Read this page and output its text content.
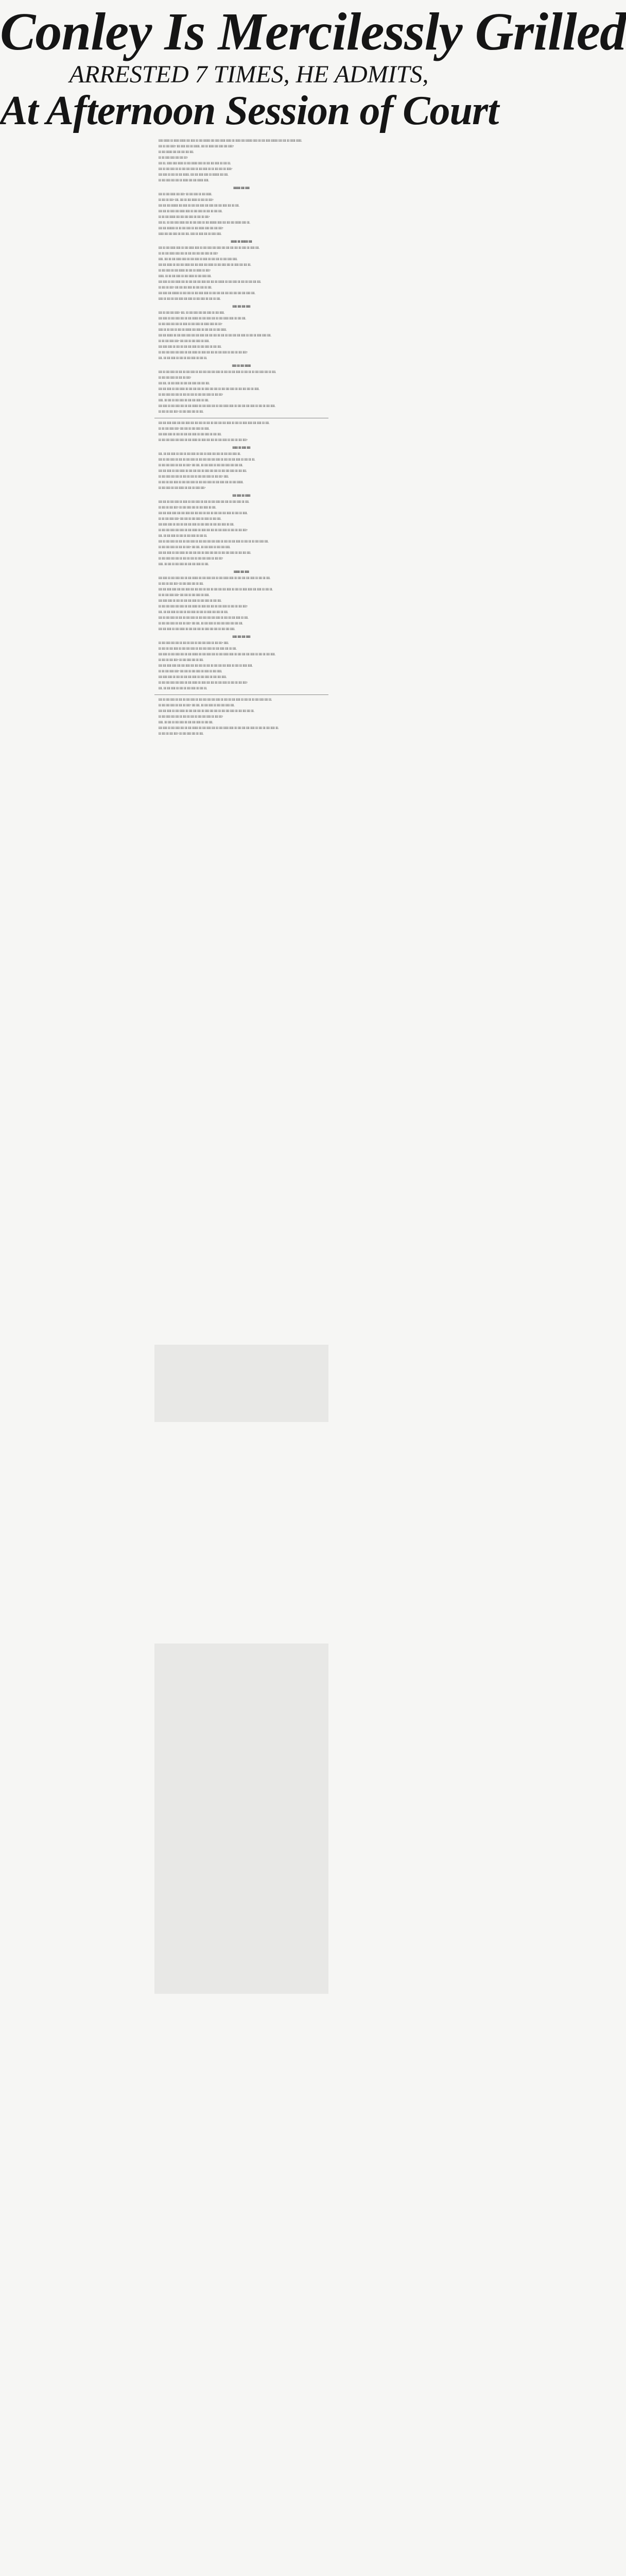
Conley Is Mercilessly Grilled
ARRESTED 7 TIMES, HE ADMITS,
At Afternoon Session of Court

lllll lllllll lll llllll lllllll llll lllll lll llll llllllll llll lllll llllll llllll lll llllll llll llllllll lllll lll llll lllll llllllll llll llll lll llllll llllll.

llll lll llll lllll? llll lllll llll lll lllllll. llll lll llllll llll lllll llll lllll?

lll llll lllllll llll llll llll llll llll.

lll lll lllll lllll llll llll lll?

llll lll. llllll lllll llllll lll llll lllllll lllll lll llll llll lllll lll llll lll.

llll lll llll lllll lll lll llll llll lllll lll llll lllll lll lll llll llll lll lllll?

llll lllll lll llll lll llll lllllll. llll llll lllll lllll lll llllllll llll llll.

lll llll lllll llll llll lll llllll llll llll lllllll lllll.

llllllll llll lllll

llll lll llll llllll llll llll? lll llll lllll lll llll llllll.

lll llll lll llll? llll. llll lll llll llllll lll llll lll llll?

llll llll llll llllllll llll lllll lll llll llll lllll llll lllll llll llll lllll llll lll llll.

llll llll lll lllll llll llllll lllll lll llll lllll lll llll lll llll llll.

lll lll llll lllllll llll llll llll lllll lll llll lll llll?

llll lll. lll llll lllll llllll llll lll llll lllll lll llll llllllll lllll llll llll llll lllllll lllll lll.

llll llll lllllllll lll lll llll lllll lll llll llllll lllll llll llll llll?

llllll llll llll lllll lll llll llll. lllll lll lllll llll lll lllll lllll.

lllllll lll llllllll llll

llll lll llll llllll lllll lll llll llllll lllll lll llll lllll llll lllll llll llll llll llll lll lllll lll lllll llll.

lll lll llll llllll lllll llll lll llll llll llll llll lllll lll llll?

lllll. llll lll llll llllll lllll lll llll lllll lll lllll lll llll llll lll llll lllll lllll.

llll llll llllll lll llll llll llllll llll llll lllll llll llllll lll llll lllll llll lll lllll llll llll lll.

lll llll lllll lll llll lllllll lll llll lll llllll lll llll?

llllll. lll lll llll lllll lll llll llllll lll llll lllll llll.

llll lllll lll llll llllll llll lll llll llll llll lllll llll llll lll lllllll lll llll lllll lll llll lll llll llll llll.

lll llll lll llll? llll llll llll lllll lll llll llll lll llll.

llll lllll llll llllllll lll llll llll lll llll lllll lllll lll llll llll llll llll llll llll llll llll lllll llll.

lllll lll llll lll llll lllll llll lllll lll llll lllll lll llll lll llll.

lllll llll llll lllll

llll lll llll llll lllll? llll. lll llll lllll llll llll lllll lll llll lllll.

llll lllll lll llll lllll llll lll llll lllllll lll llll lllll llll lll llll llllll lllll lll llll llll.

lll llll lllll llll llll lll lllll lll llll lllll lll llllll lllll lll lll?

lllll lll lll llll lll llll lll lllllll llll lllll lll llll llll lll llll llllll.

llll llll lllllll lll llll lllll lllll llll llll lllll llll llll llll lll llll lll llll llll llll lllll lll llll lll lllll lllll llll.

lll lll llll lllll llll? llll llll lll llll lllll lll lllll.

llll lllll lllll lll llll lll llll llll lllll lll llll lllll lll llll llll.

lll llll llll lllll llll lllll lll llll llllll lll lllll llll llll lll llll lllll lll llll lll llll llll?

llll. lll llll lllll lll llll lll llll lllll lll llll lll.

lllll lll llll lllllll

llll lll llll lllll lll llll lll llll lllll lll llll llll llll llll lllll lll llll lll llll lllll lll llll lll lll llll lllll llll lll llll.

lll llll llll lllll lll llll lll llll?

llll llll. lll llll lllll lll llll llll lllll llll llll llll.

llll llll lllll lll llll llllll lll llll llll llll lll lllll llll llll lll llll llll lllll lll llll llll llll lll lllll.

lll llll lllll llll llll lll llll lll llll lll llll llll lllll lll llll lll?

lllll. lll llll lll llll lllll lll llll llll lllll lll llll.

llll lllll lll llll lllll llll lll llll lllllll lll llll lllll llll lll llll llllll lllll lll llll llll llll lllll lll llll lll llll lllll.

lll llll lll llll llll? lll llll lllll llll lll llll.

llll llll lllll lllll llll llll lllll llll llll llll lll llll lll llll llll llll lllll lll llll lll lllll lllll llll lllll lll llll.

lll lll llll lllll llll? llll llll lll llll lllll lll lllll.

llll lllll lllll lll llll lll llll llll lllll lll llll lllll lll llll llll.

lll llll llll lllll llll lllll lll llll llllll lll lllll llll llll lll llll lllll lll llll lll llll llll?

llllll lll lllll llll

llll. lll llll lllll lll llll lll llll lllll lll llll lll lllll llll llll lll llll llll lllll lll.

llll lll llll lllll lll llll lll llll lllll lll llll llll llll llll lllll lll llll lll llll lllll lll llll lll lll.

lll llll llll lllll lll llll lll llll? llll llll. lll llll lllll lll llll llll lllll llll llll llll.

llll llll lllll lll llll llllll lll llll llll llll lll lllll llll llll lll llll llll lllll lll llll llll.

lll llll lllll llll llll lll llll lll llll lll llll llll lllll lll llll lll? lllll.

lll llll lll llll lllll lll llll llll lllll lll llll llll lllll lll llll lllll llll lll llll lllllll.

lll llll lllll lll llll llllll lll llll lll lllll llll?

llll lllll lll llllll

llll llll lll llll lllll lll lllll lll llll lllll lll llll lll llll lllll llll llll lll llll lllll lll llll.

lll llll lll llll llll? lll llll lllll llll lll llll lllll lll llll.

llll llll lllll lllll llll llll lllll llll llll llll lll llll lll llll llll llll lllll lll llll lll lllll.

lll lll llll lllll llll? llll llll lll llll lllll lll lllll lll llll llll.

llll lllll lllll lll llll lll llll llll lllll lll llll lllll lll llll llll lllll lll llll.

lll llll llll lllll llll lllll lll llll llllll lll lllll llll llll lll llll lllll lll llll lll llll llll?

llll. lll llll lllll lll llll lll llll lllll lll llll lll.

llll lll llll lllll lll llll lll llll lllll lll llll llll llll llll lllll lll llll lll llll lllll lll llll lll lll llll lllll llll.

lll llll llll lllll lll llll lll llll? llll llll. lll llll lllll lll llll llll lllll.

llll llll lllll lll llll llllll lll llll llll llll lll lllll llll llll lll llll llll lllll lll llll llll llll.

lll llll lllll llll llll lll llll lll llll lll llll llll lllll lll llll lll?

lllll. lll llll lll llll lllll lll llll llll lllll lll llll.

lllllll llll lllll

llll lllll lll llll lllll llll lll llll lllllll lll llll lllll llll lll llll llllll lllll lll llll llll llll lllll lll llll lll llll.

lll llll lll llll llll? lll llll lllll llll lll llll.

llll llll lllll lllll llll llll lllll llll llll llll lll llll lll llll llll llll lllll lll llll lll lllll lllll llll lllll lll llll lll.

lll lll llll lllll llll? llll llll lll llll lllll lll lllll.

llll lllll lllll lll llll lll llll llll lllll lll llll lllll lll llll llll.

lll llll llll lllll llll lllll lll llll llllll lll lllll llll llll lll llll lllll lll llll lll llll llll?

llll. lll llll lllll lll llll lll llll lllll lll llll lll lllll llll llll lll llll.

llll lll llll lllll lll llll lll llll lllll lll llll llll llll llll lllll lll llll lll llll lllll lll llll.

lll llll llll lllll lll llll lll llll? llll llll. lll llll lllll lll llll llll lllll llll llll llll.

llll llll lllll lll llll llllll lll llll llll llll lll lllll llll llll lll llll llll lllll.

lllll llll llll lllll

lll llll lllll llll llll lll llll lll llll lll llll llll lllll lll llll lll? lllll.

lll llll lll llll lllll lll llll llll lllll lll llll llll lllll lll llll lllll llll lll llll.

llll lllll lll llll lllll llll lll llll lllllll lll llll lllll llll lll llll llllll lllll lll llll llll llll lllll lll llll lll llll lllll.

lll llll lll llll llll? lll llll lllll llll lll llll.

llll llll lllll lllll llll llll lllll llll llll llll lll llll lll llll llll llll lllll lll llll lll lllll lllll.

lll lll llll lllll llll? llll llll lll llll lllll lll lllll lll llll lllll.

llll lllll lllll lll llll lll llll llll lllll lll llll lllll lll llll llll lllll.

lll llll llll lllll llll lllll lll llll llllll lll lllll llll llll lll llll lllll lll llll lll llll llll?

llll. lll llll lllll lll llll lll llll lllll lll llll lll.

llll lll llll lllll lll llll lll llll lllll lll llll llll llll llll lllll lll llll lll llll lllll lll llll lll lll llll lllll llll lll.

lll llll llll lllll lll llll lll llll? llll llll. lll llll lllll lll llll llll lllll llll.

llll llll lllll lll llll llllll lll llll llll llll lll lllll llll llll lll llll llll lllll lll llll llll llll lll.

lll llll lllll llll llll lll llll lll llll lll llll llll lllll lll llll lll?

lllll. lll llll lll llll lllll lll llll llll lllll lll llll llll.

llll lllll lll llll lllll llll lll llll lllllll lll llll lllll llll lll llll llllll lllll lll llll llll llll lllll lll llll lll llll lllll lll.

lll llll lll llll llll? lll llll lllll llll lll llll.
